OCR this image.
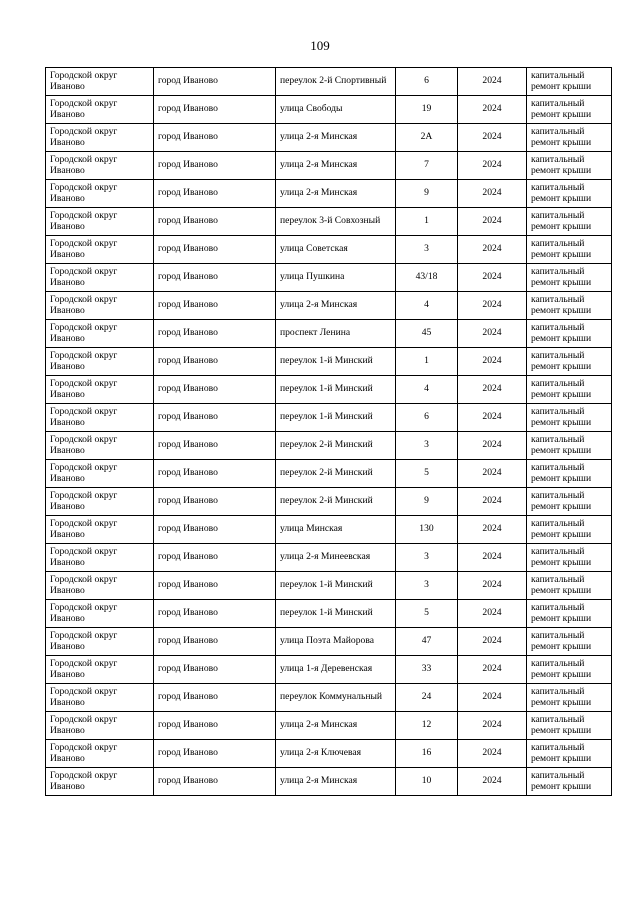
109
Городской округ Иваново	город Иваново	переулок 2-й Спортивный	6	2024	капитальный ремонт крыши
Городской округ Иваново	город Иваново	улица Свободы	19	2024	капитальный ремонт крыши
Городской округ Иваново	город Иваново	улица 2-я Минская	2А	2024	капитальный ремонт крыши
Городской округ Иваново	город Иваново	улица 2-я Минская	7	2024	капитальный ремонт крыши
Городской округ Иваново	город Иваново	улица 2-я Минская	9	2024	капитальный ремонт крыши
Городской округ Иваново	город Иваново	переулок 3-й Совхозный	1	2024	капитальный ремонт крыши
Городской округ Иваново	город Иваново	улица Советская	3	2024	капитальный ремонт крыши
Городской округ Иваново	город Иваново	улица Пушкина	43/18	2024	капитальный ремонт крыши
Городской округ Иваново	город Иваново	улица 2-я Минская	4	2024	капитальный ремонт крыши
Городской округ Иваново	город Иваново	проспект Ленина	45	2024	капитальный ремонт крыши
Городской округ Иваново	город Иваново	переулок 1-й Минский	1	2024	капитальный ремонт крыши
Городской округ Иваново	город Иваново	переулок 1-й Минский	4	2024	капитальный ремонт крыши
Городской округ Иваново	город Иваново	переулок 1-й Минский	6	2024	капитальный ремонт крыши
Городской округ Иваново	город Иваново	переулок 2-й Минский	3	2024	капитальный ремонт крыши
Городской округ Иваново	город Иваново	переулок 2-й Минский	5	2024	капитальный ремонт крыши
Городской округ Иваново	город Иваново	переулок 2-й Минский	9	2024	капитальный ремонт крыши
Городской округ Иваново	город Иваново	улица Минская	130	2024	капитальный ремонт крыши
Городской округ Иваново	город Иваново	улица 2-я Минеевская	3	2024	капитальный ремонт крыши
Городской округ Иваново	город Иваново	переулок 1-й Минский	3	2024	капитальный ремонт крыши
Городской округ Иваново	город Иваново	переулок 1-й Минский	5	2024	капитальный ремонт крыши
Городской округ Иваново	город Иваново	улица Поэта Майорова	47	2024	капитальный ремонт крыши
Городской округ Иваново	город Иваново	улица 1-я Деревенская	33	2024	капитальный ремонт крыши
Городской округ Иваново	город Иваново	переулок Коммунальный	24	2024	капитальный ремонт крыши
Городской округ Иваново	город Иваново	улица 2-я Минская	12	2024	капитальный ремонт крыши
Городской округ Иваново	город Иваново	улица 2-я Ключевая	16	2024	капитальный ремонт крыши
Городской округ Иваново	город Иваново	улица 2-я Минская	10	2024	капитальный ремонт крыши
